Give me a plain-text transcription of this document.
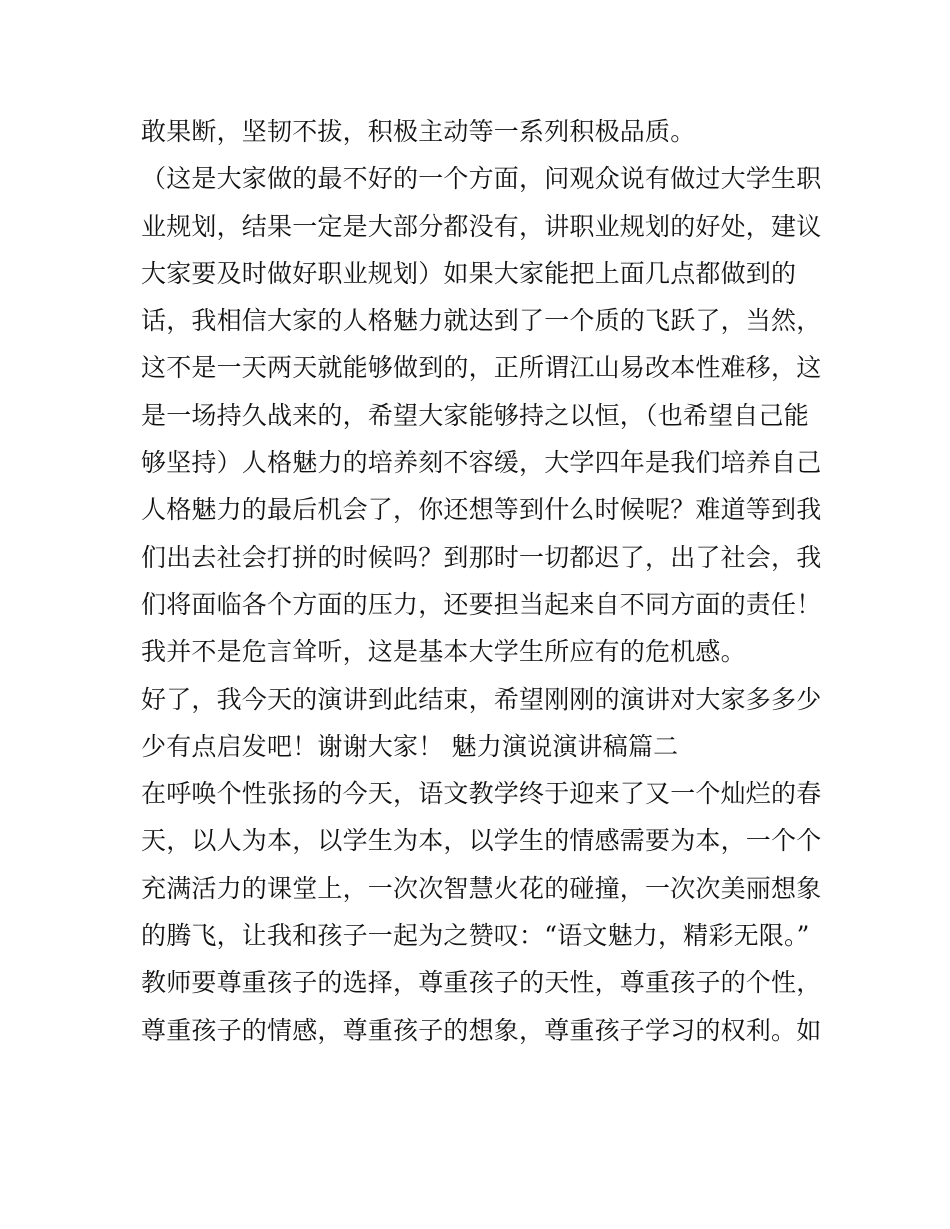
敢果断，坚韧不拔，积极主动等一系列积极品质。
（这是大家做的最不好的一个方面，问观众说有做过大学生职
业规划，结果一定是大部分都没有，讲职业规划的好处，建议
大家要及时做好职业规划）如果大家能把上面几点都做到的
话，我相信大家的人格魅力就达到了一个质的飞跃了，当然，
这不是一天两天就能够做到的，正所谓江山易改本性难移，这
是一场持久战来的，希望大家能够持之以恒，（也希望自己能
够坚持）人格魅力的培养刻不容缓，大学四年是我们培养自己
人格魅力的最后机会了，你还想等到什么时候呢？难道等到我
们出去社会打拼的时候吗？到那时一切都迟了，出了社会，我
们将面临各个方面的压力，还要担当起来自不同方面的责任！
我并不是危言耸听，这是基本大学生所应有的危机感。
好了，我今天的演讲到此结束，希望刚刚的演讲对大家多多少
少有点启发吧！谢谢大家！ 魅力演说演讲稿篇二
在呼唤个性张扬的今天，语文教学终于迎来了又一个灿烂的春
天，以人为本，以学生为本，以学生的情感需要为本，一个个
充满活力的课堂上，一次次智慧火花的碰撞，一次次美丽想象
的腾飞，让我和孩子一起为之赞叹：“语文魅力，精彩无限。”
教师要尊重孩子的选择，尊重孩子的天性，尊重孩子的个性，
尊重孩子的情感，尊重孩子的想象，尊重孩子学习的权利。如
